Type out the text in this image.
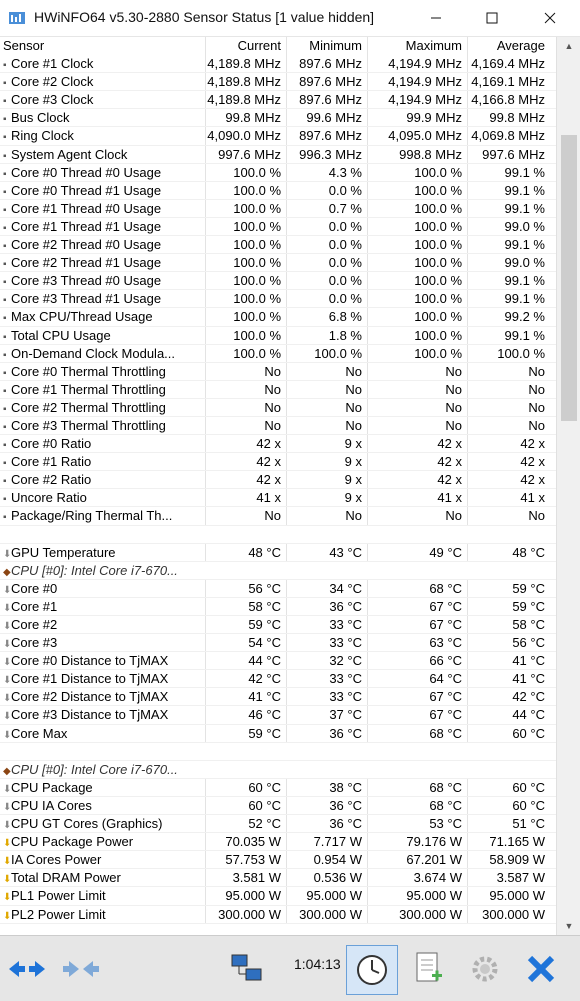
HWiNFO64 v5.30-2880 Sensor Status [1 value hidden]
Sensor	Current	Minimum	Maximum	Average
▪ Core #1 Clock	4,189.8 MHz	897.6 MHz	4,194.9 MHz 4,169.4 MHz
▪ Core #2 Clock	4,189.8 MHz	897.6 MHz	4,194.9 MHz 4,169.1 MHz
▪ Core #3 Clock	4,189.8 MHz	897.6 MHz	4,194.9 MHz 4,166.8 MHz
▪ Bus Clock	99.8 MHz	99.6 MHz	99.9 MHz	99.8 MHz
▪ Ring Clock	4,090.0 MHz	897.6 MHz	4,095.0 MHz 4,069.8 MHz
▪ System Agent Clock	997.6 MHz	996.3 MHz	998.8 MHz	997.6 MHz
▪ Core #0 Thread #0 Usage	100.0 %	4.3 %	100.0 %	99.1 %
▪ Core #0 Thread #1 Usage	100.0 %	0.0 %	100.0 %	99.1 %
▪ Core #1 Thread #0 Usage	100.0 %	0.7 %	100.0 %	99.1 %
▪ Core #1 Thread #1 Usage	100.0 %	0.0 %	100.0 %	99.0 %
▪ Core #2 Thread #0 Usage	100.0 %	0.0 %	100.0 %	99.1 %
▪ Core #2 Thread #1 Usage	100.0 %	0.0 %	100.0 %	99.0 %
▪ Core #3 Thread #0 Usage	100.0 %	0.0 %	100.0 %	99.1 %
▪ Core #3 Thread #1 Usage	100.0 %	0.0 %	100.0 %	99.1 %
▪ Max CPU/Thread Usage	100.0 %	6.8 %	100.0 %	99.2 %
▪ Total CPU Usage	100.0 %	1.8 %	100.0 %	99.1 %
▪ On-Demand Clock Modula...	100.0 %	100.0 %	100.0 %	100.0 %
▪ Core #0 Thermal Throttling	No	No	No	No
▪ Core #1 Thermal Throttling	No	No	No	No
▪ Core #2 Thermal Throttling	No	No	No	No
▪ Core #3 Thermal Throttling	No	No	No	No
▪ Core #0 Ratio	42 x	9 x	42 x	42 x
▪ Core #1 Ratio	42 x	9 x	42 x	42 x
▪ Core #2 Ratio	42 x	9 x	42 x	42 x
▪ Uncore Ratio	41 x	9 x	41 x	41 x
▪ Package/Ring Thermal Th...	No	No	No	No
⬇GPU Temperature	48 °C	43 °C	49 °C	48 °C
◆CPU [#0]: Intel Core i7-670...
⬇Core #0	56 °C	34 °C	68 °C	59 °C
⬇Core #1	58 °C	36 °C	67 °C	59 °C
⬇Core #2	59 °C	33 °C	67 °C	58 °C
⬇Core #3	54 °C	33 °C	63 °C	56 °C
⬇Core #0 Distance to TjMAX	44 °C	32 °C	66 °C	41 °C
⬇Core #1 Distance to TjMAX	42 °C	33 °C	64 °C	41 °C
⬇Core #2 Distance to TjMAX	41 °C	33 °C	67 °C	42 °C
⬇Core #3 Distance to TjMAX	46 °C	37 °C	67 °C	44 °C
⬇Core Max	59 °C	36 °C	68 °C	60 °C
◆CPU [#0]: Intel Core i7-670...
⬇CPU Package	60 °C	38 °C	68 °C	60 °C
⬇CPU IA Cores	60 °C	36 °C	68 °C	60 °C
⬇CPU GT Cores (Graphics)	52 °C	36 °C	53 °C	51 °C
⬇CPU Package Power	70.035 W	7.717 W	79.176 W	71.165 W
⬇IA Cores Power	57.753 W	0.954 W	67.201 W	58.909 W
⬇Total DRAM Power	3.581 W	0.536 W	3.674 W	3.587 W
⬇PL1 Power Limit	95.000 W	95.000 W	95.000 W	95.000 W
⬇PL2 Power Limit	300.000 W	300.000 W	300.000 W	300.000 W
▲
▼
1:04:13
